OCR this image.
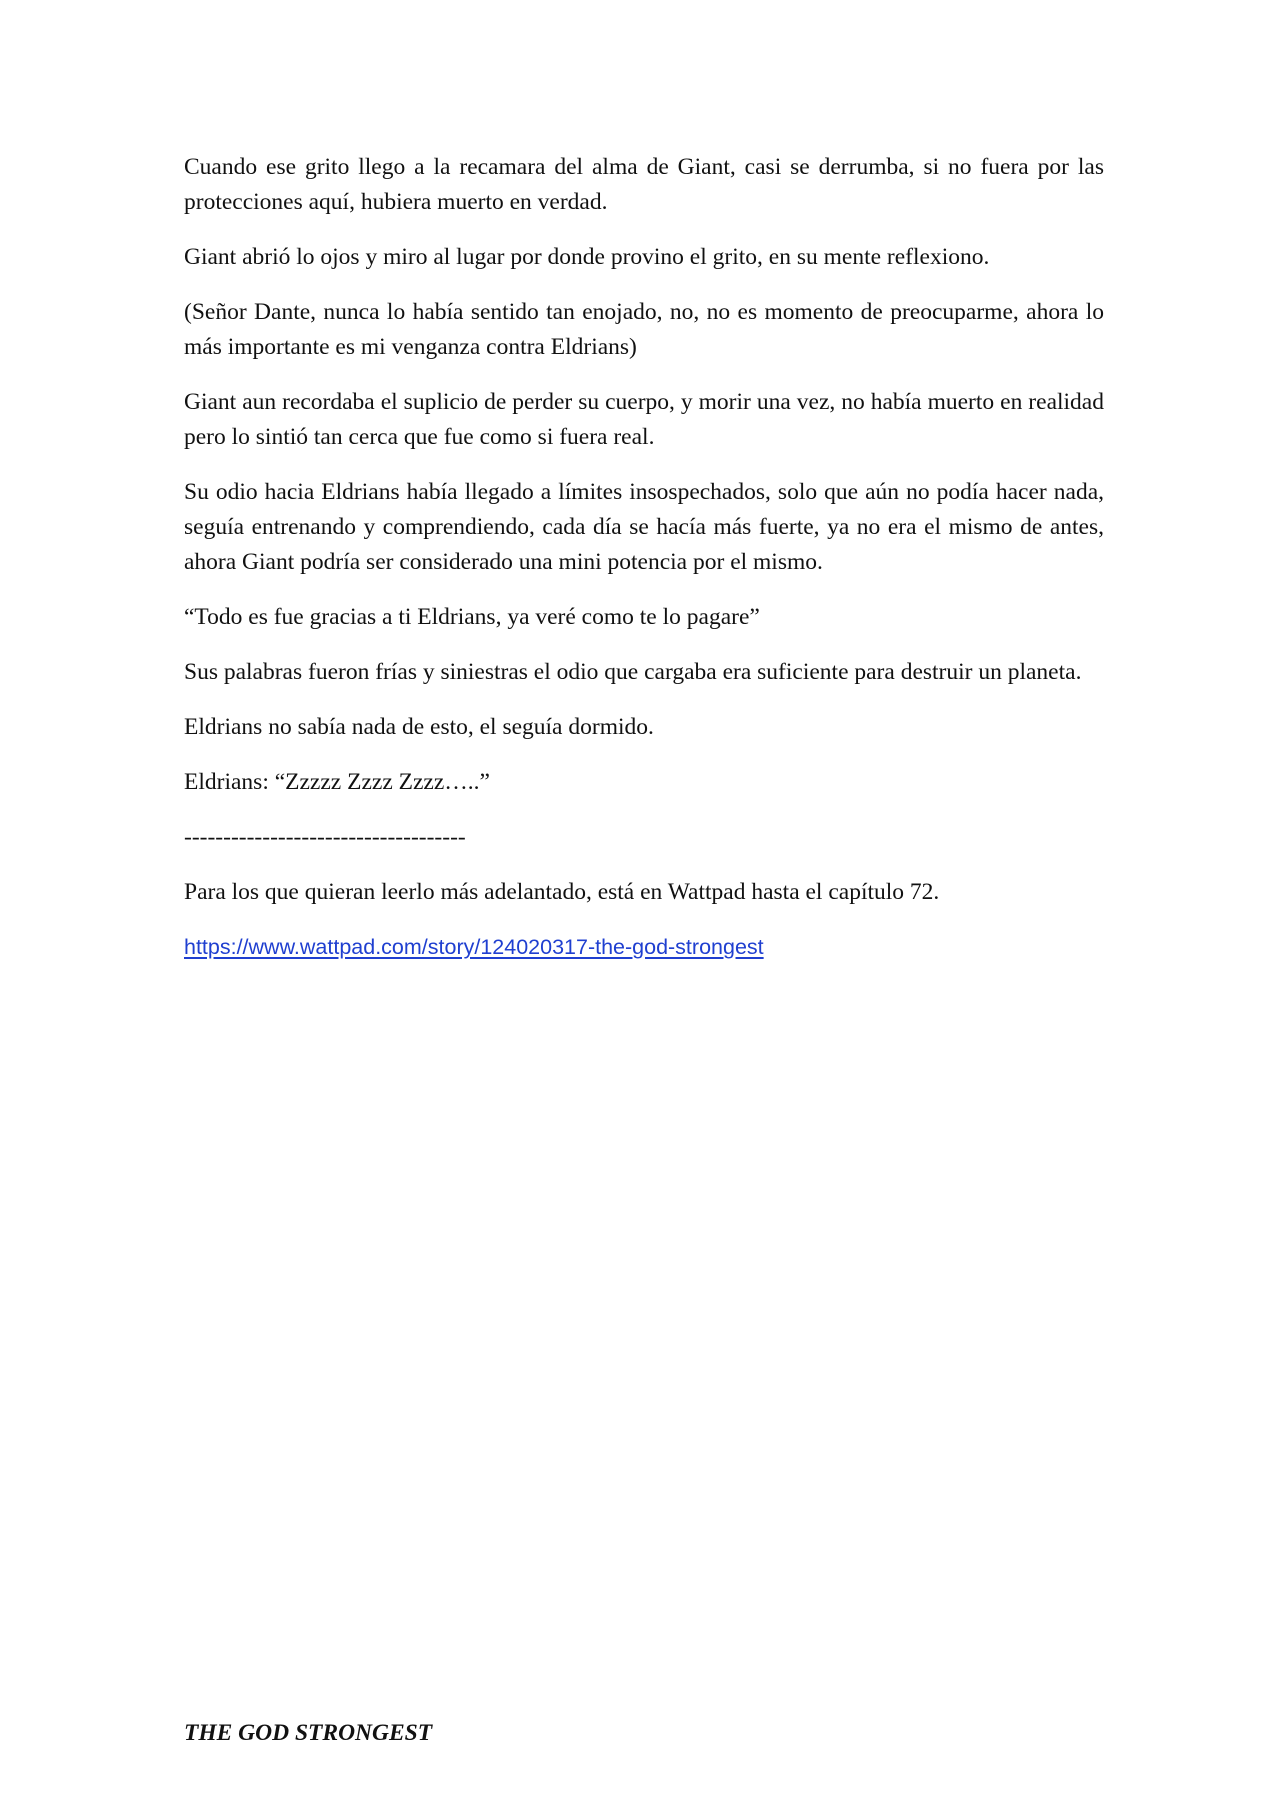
Cuando ese grito llego a la recamara del alma de Giant, casi se derrumba, si no fuera por las protecciones aquí, hubiera muerto en verdad.

Giant abrió lo ojos y miro al lugar por donde provino el grito, en su mente reflexiono.

(Señor Dante, nunca lo había sentido tan enojado, no, no es momento de preocuparme, ahora lo más importante es mi venganza contra Eldrians)

Giant aun recordaba el suplicio de perder su cuerpo, y morir una vez, no había muerto en realidad pero lo sintió tan cerca que fue como si fuera real.

Su odio hacia Eldrians había llegado a límites insospechados, solo que aún no podía hacer nada, seguía entrenando y comprendiendo, cada día se hacía más fuerte, ya no era el mismo de antes, ahora Giant podría ser considerado una mini potencia por el mismo.

“Todo es fue gracias a ti Eldrians, ya veré como te lo pagare”

Sus palabras fueron frías y siniestras el odio que cargaba era suficiente para destruir un planeta.

Eldrians no sabía nada de esto, el seguía dormido.

Eldrians: “Zzzzz Zzzz Zzzz…..”

------------------------------------

Para los que quieran leerlo más adelantado, está en Wattpad hasta el capítulo 72.

https://www.wattpad.com/story/124020317-the-god-strongest
THE GOD STRONGEST
